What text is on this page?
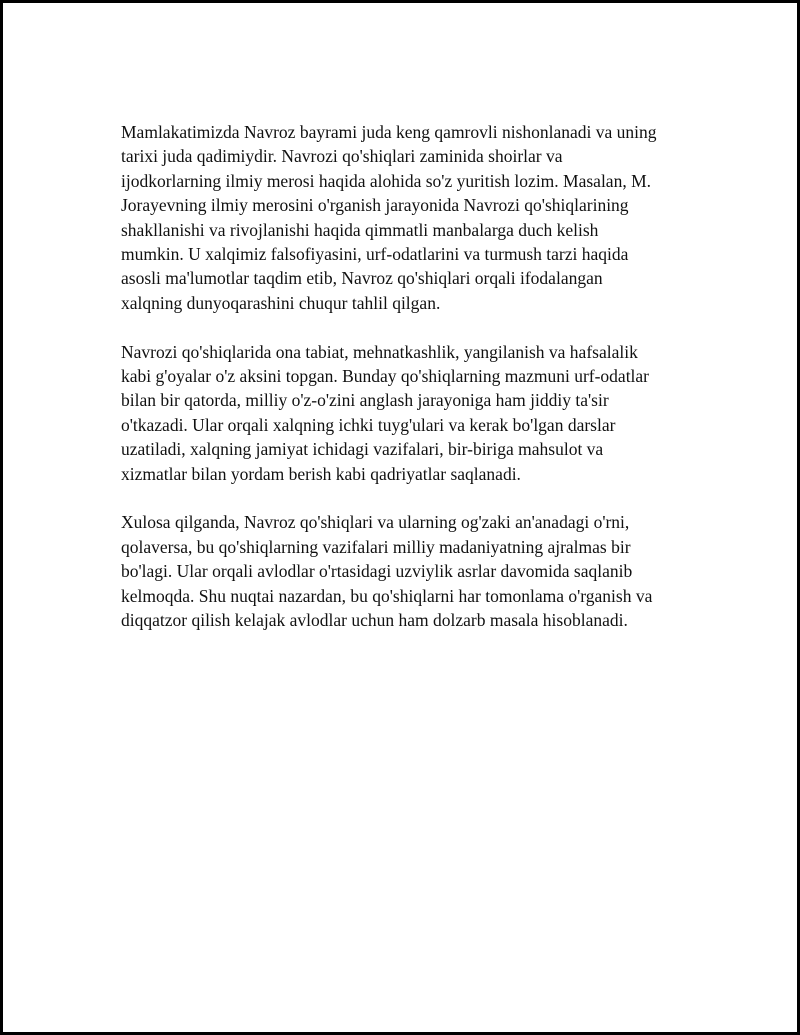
Mamlakatimizda Navroz bayrami juda keng qamrovli nishonlanadi va uning
tarixi juda qadimiydir. Navrozi qo'shiqlari zaminida shoirlar va
ijodkorlarning ilmiy merosi haqida alohida so'z yuritish lozim. Masalan, M.
Jorayevning ilmiy merosini o'rganish jarayonida Navrozi qo'shiqlarining
shakllanishi va rivojlanishi haqida qimmatli manbalarga duch kelish
mumkin. U xalqimiz falsofiyasini, urf-odatlarini va turmush tarzi haqida
asosli ma'lumotlar taqdim etib, Navroz qo'shiqlari orqali ifodalangan
xalqning dunyoqarashini chuqur tahlil qilgan.

Navrozi qo'shiqlarida ona tabiat, mehnatkashlik, yangilanish va hafsalalik
kabi g'oyalar o'z aksini topgan. Bunday qo'shiqlarning mazmuni urf-odatlar
bilan bir qatorda, milliy o'z-o'zini anglash jarayoniga ham jiddiy ta'sir
o'tkazadi. Ular orqali xalqning ichki tuyg'ulari va kerak bo'lgan darslar
uzatiladi, xalqning jamiyat ichidagi vazifalari, bir-biriga mahsulot va
xizmatlar bilan yordam berish kabi qadriyatlar saqlanadi.

Xulosa qilganda, Navroz qo'shiqlari va ularning og'zaki an'anadagi o'rni,
qolaversa, bu qo'shiqlarning vazifalari milliy madaniyatning ajralmas bir
bo'lagi. Ular orqali avlodlar o'rtasidagi uzviylik asrlar davomida saqlanib
kelmoqda. Shu nuqtai nazardan, bu qo'shiqlarni har tomonlama o'rganish va
diqqatzor qilish kelajak avlodlar uchun ham dolzarb masala hisoblanadi.
